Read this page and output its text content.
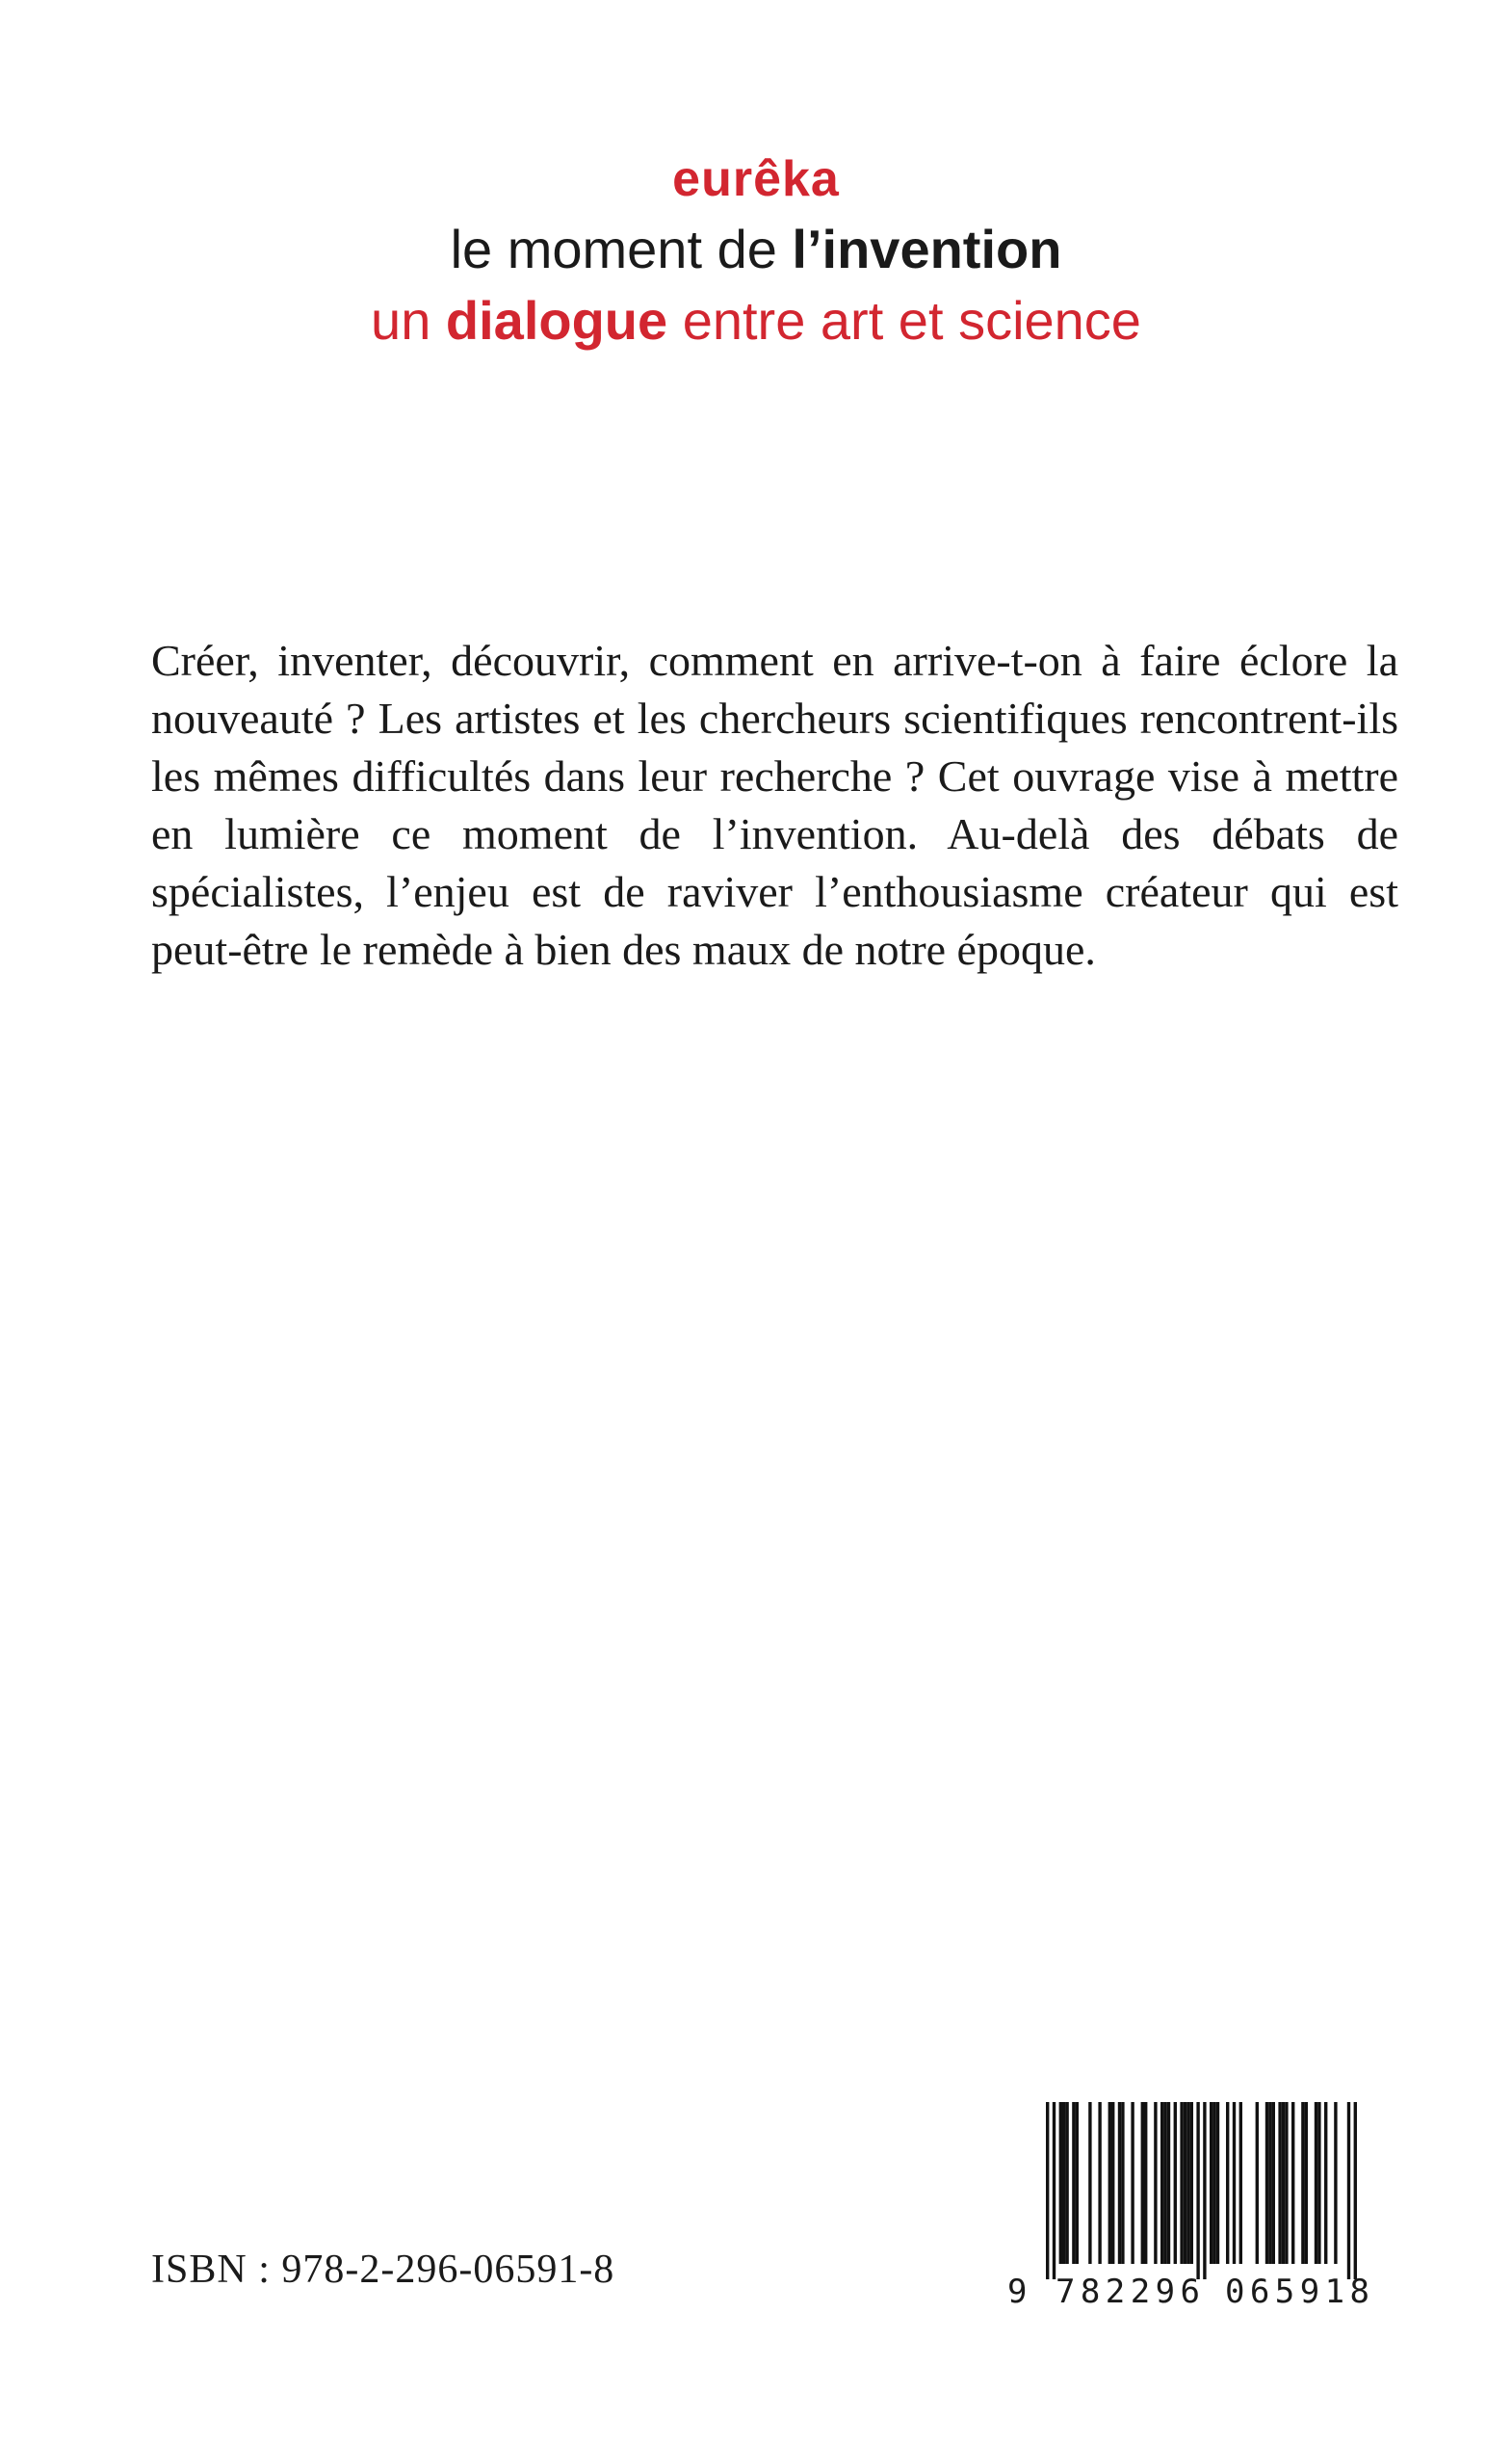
eurêka
le moment de l’invention
un dialogue entre art et science

Créer, inventer, découvrir, comment en arrive-t-on à faire éclore la nouveauté ? Les artistes et les chercheurs scientifiques rencontrent-ils les mêmes difficultés dans leur recherche ? Cet ouvrage vise à mettre en lumière ce moment de l’invention. Au-delà des débats de spécialistes, l’enjeu est de raviver l’enthousiasme créateur qui est peut-être le remède à bien des maux de notre époque.

ISBN : 978-2-296-06591-8	9 782296 065918
